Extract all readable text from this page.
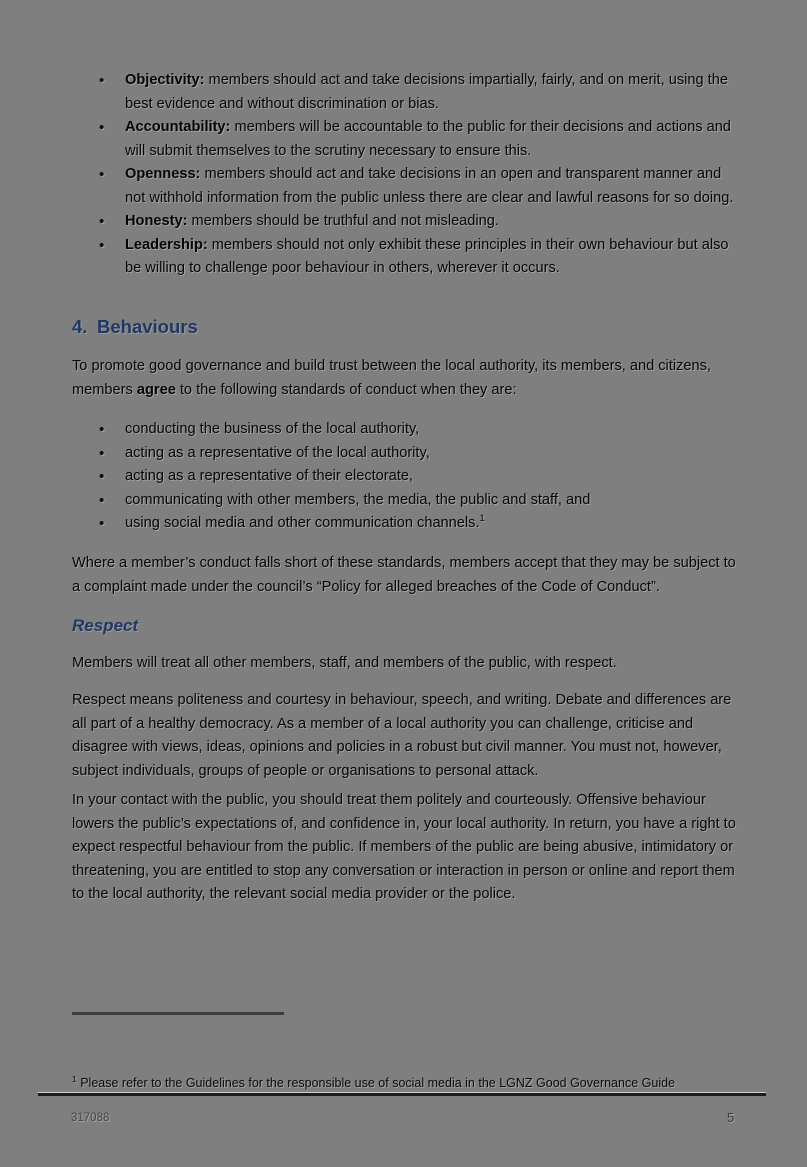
• Objectivity: members should act and take decisions impartially, fairly, and on merit, using the best evidence and without discrimination or bias.
• Accountability: members will be accountable to the public for their decisions and actions and will submit themselves to the scrutiny necessary to ensure this.
• Openness: members should act and take decisions in an open and transparent manner and not withhold information from the public unless there are clear and lawful reasons for so doing.
• Honesty: members should be truthful and not misleading.
• Leadership: members should not only exhibit these principles in their own behaviour but also be willing to challenge poor behaviour in others, wherever it occurs.
4. Behaviours

To promote good governance and build trust between the local authority, its members, and citizens, members agree to the following standards of conduct when they are:

• conducting the business of the local authority,
• acting as a representative of the local authority,
• acting as a representative of their electorate,
• communicating with other members, the media, the public and staff, and
• using social media and other communication channels.$^1$

Where a member’s conduct falls short of these standards, members accept that they may be subject to a complaint made under the council’s “Policy for alleged breaches of the Code of Conduct”.

Respect

Members will treat all other members, staff, and members of the public, with respect.

Respect means politeness and courtesy in behaviour, speech, and writing. Debate and differences are all part of a healthy democracy. As a member of a local authority you can challenge, criticise and disagree with views, ideas, opinions and policies in a robust but civil manner. You must not, however, subject individuals, groups of people or organisations to personal attack.

In your contact with the public, you should treat them politely and courteously. Offensive behaviour lowers the public’s expectations of, and confidence in, your local authority. In return, you have a right to expect respectful behaviour from the public. If members of the public are being abusive, intimidatory or threatening, you are entitled to stop any conversation or interaction in person or online and report them to the local authority, the relevant social media provider or the police.

$^1$ Please refer to the Guidelines for the responsible use of social media in the LGNZ Good Governance Guide

317088	5
